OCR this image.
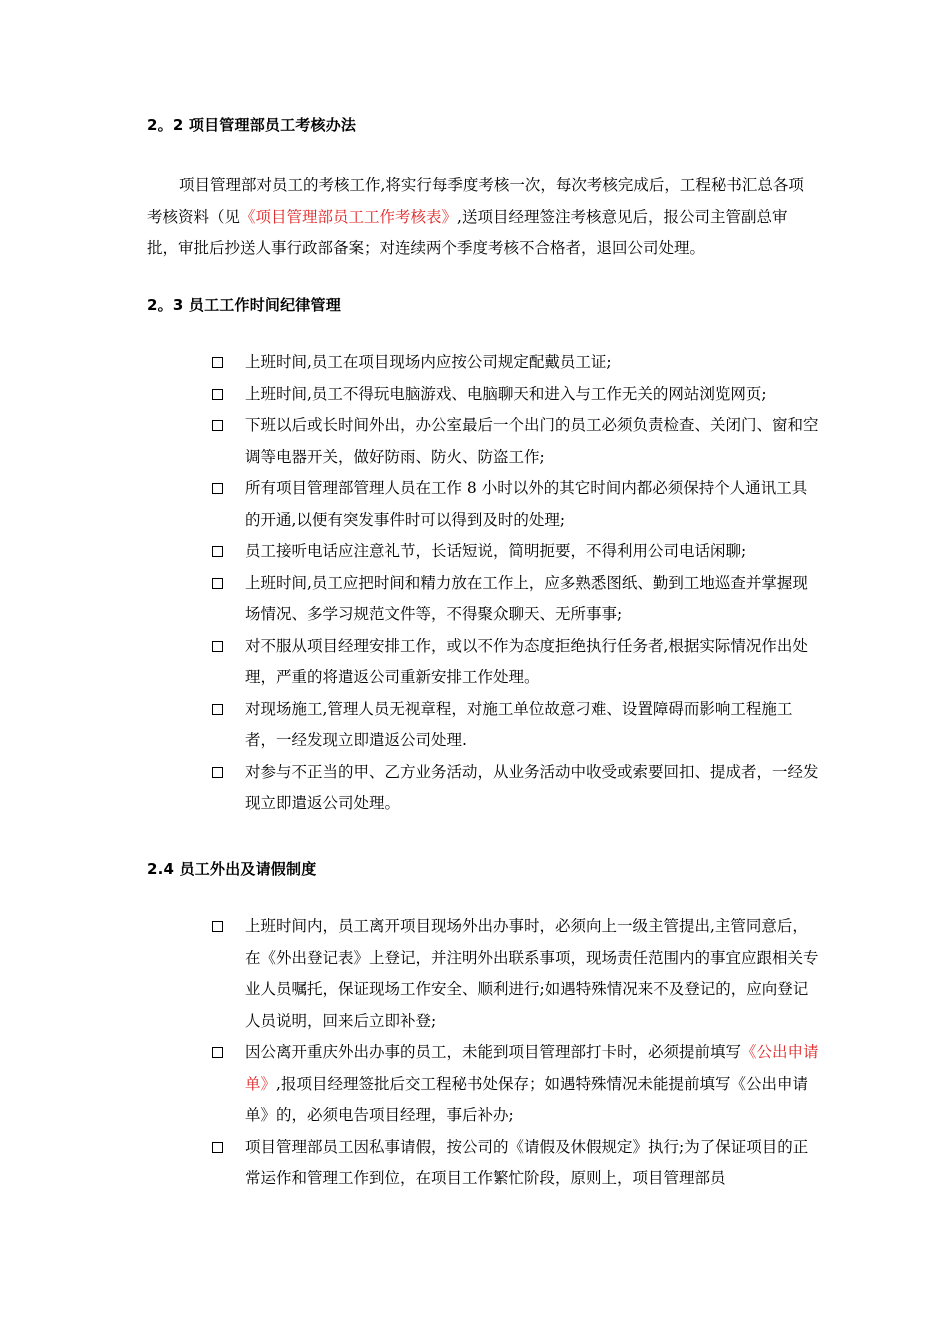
2。2 项目管理部员工考核办法
项目管理部对员工的考核工作,将实行每季度考核一次，每次考核完成后，工程秘书汇总各项考核资料（见《项目管理部员工工作考核表》,送项目经理签注考核意见后，报公司主管副总审批，审批后抄送人事行政部备案；对连续两个季度考核不合格者，退回公司处理。
2。3 员工工作时间纪律管理
上班时间,员工在项目现场内应按公司规定配戴员工证;
上班时间,员工不得玩电脑游戏、电脑聊天和进入与工作无关的网站浏览网页;
下班以后或长时间外出，办公室最后一个出门的员工必须负责检查、关闭门、窗和空调等电器开关，做好防雨、防火、防盗工作;
所有项目管理部管理人员在工作 8 小时以外的其它时间内都必须保持个人通讯工具的开通,以便有突发事件时可以得到及时的处理;
员工接听电话应注意礼节，长话短说，简明扼要，不得利用公司电话闲聊;
上班时间,员工应把时间和精力放在工作上，应多熟悉图纸、勤到工地巡查并掌握现场情况、多学习规范文件等，不得聚众聊天、无所事事;
对不服从项目经理安排工作，或以不作为态度拒绝执行任务者,根据实际情况作出处理，严重的将遣返公司重新安排工作处理。
对现场施工,管理人员无视章程，对施工单位故意刁难、设置障碍而影响工程施工者，一经发现立即遣返公司处理.
对参与不正当的甲、乙方业务活动，从业务活动中收受或索要回扣、提成者，一经发现立即遣返公司处理。
2.4 员工外出及请假制度
上班时间内，员工离开项目现场外出办事时，必须向上一级主管提出,主管同意后，在《外出登记表》上登记，并注明外出联系事项，现场责任范围内的事宜应跟相关专业人员嘱托，保证现场工作安全、顺利进行;如遇特殊情况来不及登记的，应向登记人员说明，回来后立即补登;
因公离开重庆外出办事的员工，未能到项目管理部打卡时，必须提前填写《公出申请单》,报项目经理签批后交工程秘书处保存；如遇特殊情况未能提前填写《公出申请单》的，必须电告项目经理，事后补办;
项目管理部员工因私事请假，按公司的《请假及休假规定》执行;为了保证项目的正常运作和管理工作到位，在项目工作繁忙阶段，原则上，项目管理部员
